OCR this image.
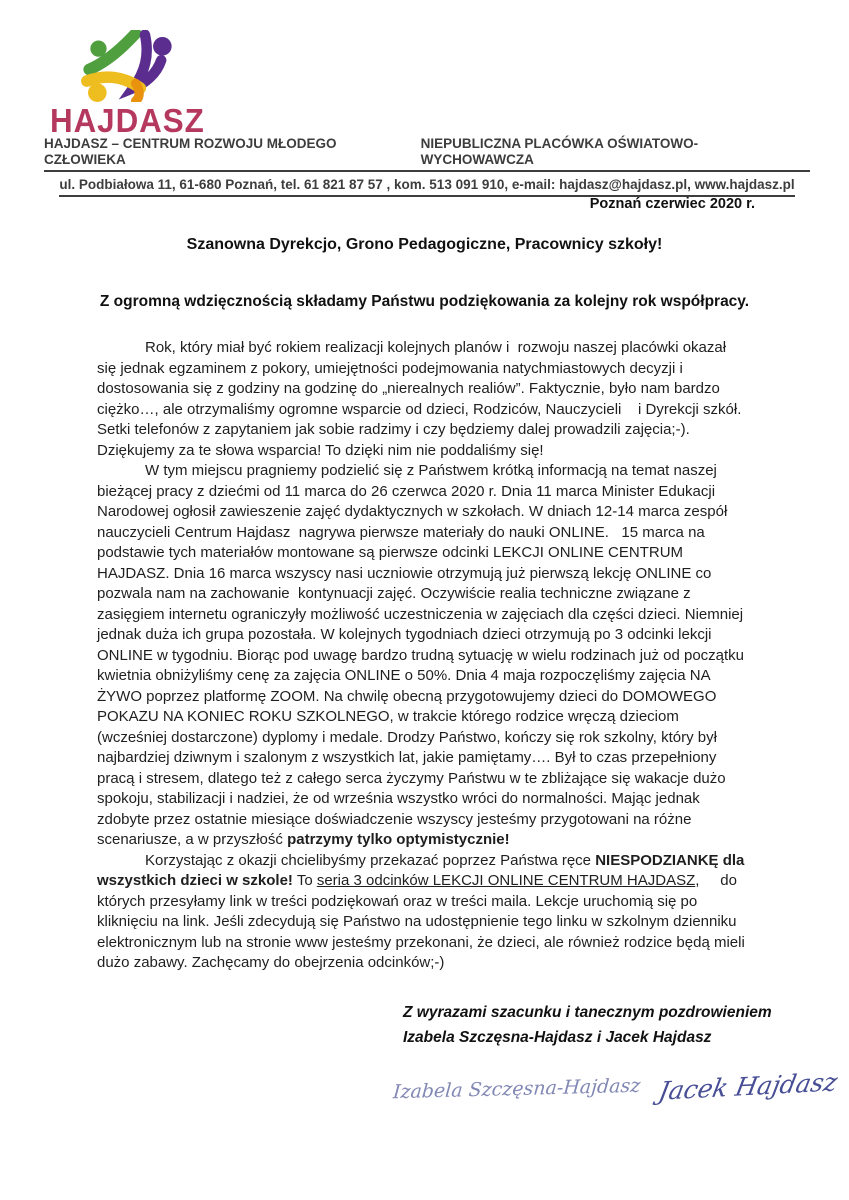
HAJDASZ
HAJDASZ – CENTRUM ROZWOJU MŁODEGO CZŁOWIEKA
NIEPUBLICZNA PLACÓWKA OŚWIATOWO-WYCHOWAWCZA
ul. Podbiałowa 11, 61-680 Poznań, tel. 61 821 87 57 , kom. 513 091 910, e-mail: hajdasz@hajdasz.pl, www.hajdasz.pl
Poznań czerwiec 2020 r.
Szanowna Dyrekcjo, Grono Pedagogiczne, Pracownicy szkoły!
Z ogromną wdzięcznością składamy Państwu podziękowania za kolejny rok współpracy.

Rok, który miał być rokiem realizacji kolejnych planów i  rozwoju naszej placówki okazał się jednak egzaminem z pokory, umiejętności podejmowania natychmiastowych decyzji i dostosowania się z godziny na godzinę do „nierealnych realiów”. Faktycznie, było nam bardzo ciężko…, ale otrzymaliśmy ogromne wsparcie od dzieci, Rodziców, Nauczycieli    i Dyrekcji szkół. Setki telefonów z zapytaniem jak sobie radzimy i czy będziemy dalej prowadzili zajęcia;-). Dziękujemy za te słowa wsparcia! To dzięki nim nie poddaliśmy się!

W tym miejscu pragniemy podzielić się z Państwem krótką informacją na temat naszej bieżącej pracy z dziećmi od 11 marca do 26 czerwca 2020 r. Dnia 11 marca Minister Edukacji Narodowej ogłosił zawieszenie zajęć dydaktycznych w szkołach. W dniach 12-14 marca zespół nauczycieli Centrum Hajdasz  nagrywa pierwsze materiały do nauki ONLINE.   15 marca na podstawie tych materiałów montowane są pierwsze odcinki LEKCJI ONLINE CENTRUM HAJDASZ. Dnia 16 marca wszyscy nasi uczniowie otrzymują już pierwszą lekcję ONLINE co pozwala nam na zachowanie  kontynuacji zajęć. Oczywiście realia techniczne związane z zasięgiem internetu ograniczyły możliwość uczestniczenia w zajęciach dla części dzieci. Niemniej jednak duża ich grupa pozostała. W kolejnych tygodniach dzieci otrzymują po 3 odcinki lekcji ONLINE w tygodniu. Biorąc pod uwagę bardzo trudną sytuację w wielu rodzinach już od początku kwietnia obniżyliśmy cenę za zajęcia ONLINE o 50%. Dnia 4 maja rozpoczęliśmy zajęcia NA ŻYWO poprzez platformę ZOOM. Na chwilę obecną przygotowujemy dzieci do DOMOWEGO POKAZU NA KONIEC ROKU SZKOLNEGO, w trakcie którego rodzice wręczą dzieciom (wcześniej dostarczone) dyplomy i medale. Drodzy Państwo, kończy się rok szkolny, który był najbardziej dziwnym i szalonym z wszystkich lat, jakie pamiętamy…. Był to czas przepełniony pracą i stresem, dlatego też z całego serca życzymy Państwu w te zbliżające się wakacje dużo spokoju, stabilizacji i nadziei, że od września wszystko wróci do normalności. Mając jednak zdobyte przez ostatnie miesiące doświadczenie wszyscy jesteśmy przygotowani na różne scenariusze, a w przyszłość patrzymy tylko optymistycznie!

Korzystając z okazji chcielibyśmy przekazać poprzez Państwa ręce NIESPODZIANKĘ dla wszystkich dzieci w szkole! To seria 3 odcinków LEKCJI ONLINE CENTRUM HAJDASZ,     do których przesyłamy link w treści podziękowań oraz w treści maila. Lekcje uruchomią się po kliknięciu na link. Jeśli zdecydują się Państwo na udostępnienie tego linku w szkolnym dzienniku elektronicznym lub na stronie www jesteśmy przekonani, że dzieci, ale również rodzice będą mieli dużo zabawy. Zachęcamy do obejrzenia odcinków;-)

Z wyrazami szacunku i tanecznym pozdrowieniem
Izabela Szczęsna-Hajdasz i Jacek Hajdasz
Izabela Szczęsna-Hajdasz Jacek Hajdasz
